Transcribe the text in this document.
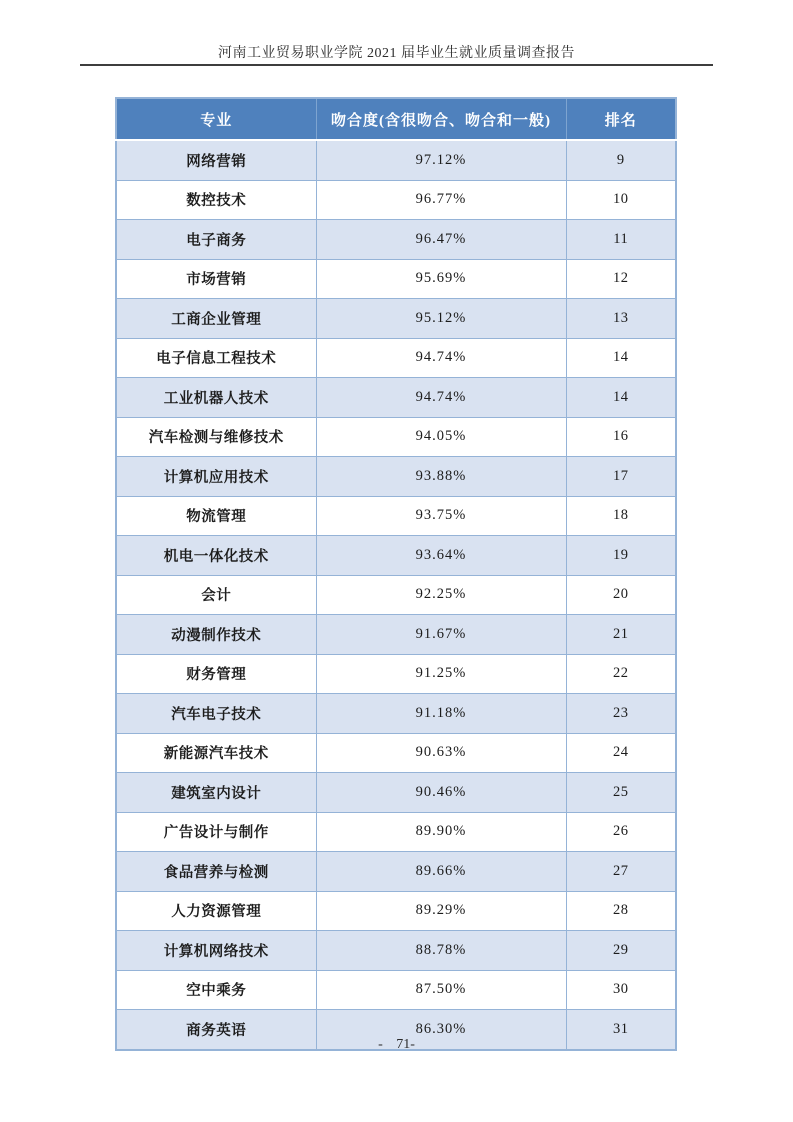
河南工业贸易职业学院 2021 届毕业生就业质量调查报告
专业	吻合度(含很吻合、吻合和一般)	排名
网络营销	97.12%	9
数控技术	96.77%	10
电子商务	96.47%	11
市场营销	95.69%	12
工商企业管理	95.12%	13
电子信息工程技术	94.74%	14
工业机器人技术	94.74%	14
汽车检测与维修技术	94.05%	16
计算机应用技术	93.88%	17
物流管理	93.75%	18
机电一体化技术	93.64%	19
会计	92.25%	20
动漫制作技术	91.67%	21
财务管理	91.25%	22
汽车电子技术	91.18%	23
新能源汽车技术	90.63%	24
建筑室内设计	90.46%	25
广告设计与制作	89.90%	26
食品营养与检测	89.66%	27
人力资源管理	89.29%	28
计算机网络技术	88.78%	29
空中乘务	87.50%	30
商务英语	86.30%	31
- 71-
